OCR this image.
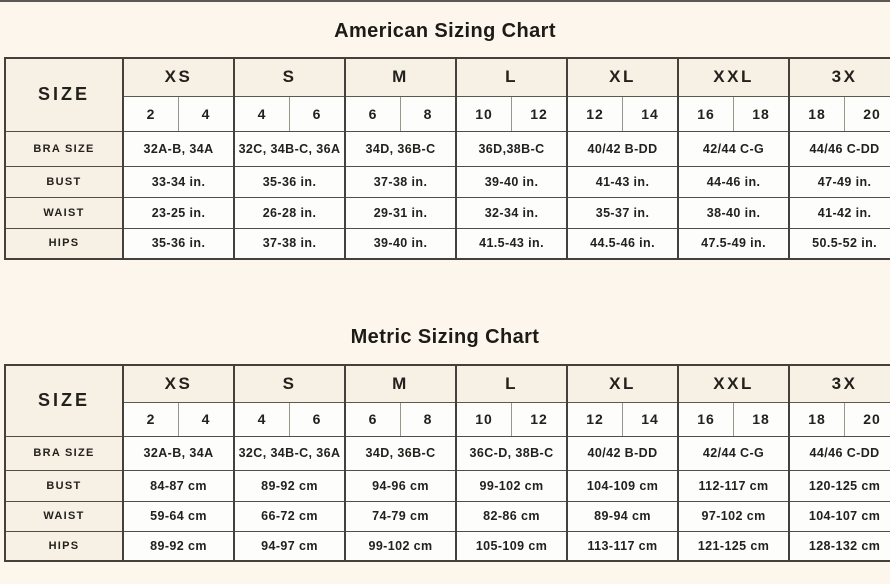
American Sizing Chart
SIZE	XS		S		M		L		XL		XXL		3X	
	2	4	4	6	6	8	10	12	12	14	16	18	18	20
BRA SIZE	32A-B, 34A		32C, 34B-C, 36A		34D, 36B-C		36D,38B-C		40/42 B-DD		42/44 C-G		44/46 C-DD	
BUST	33-34 in.		35-36 in.		37-38 in.		39-40 in.		41-43 in.		44-46 in.		47-49 in.	
WAIST	23-25 in.		26-28 in.		29-31 in.		32-34 in.		35-37 in.		38-40 in.		41-42 in.	
HIPS	35-36 in.		37-38 in.		39-40 in.		41.5-43 in.		44.5-46 in.		47.5-49 in.		50.5-52 in.	
Metric Sizing Chart
SIZE	XS		S		M		L		XL		XXL		3X	
	2	4	4	6	6	8	10	12	12	14	16	18	18	20
BRA SIZE	32A-B, 34A		32C, 34B-C, 36A		34D, 36B-C		36C-D, 38B-C		40/42 B-DD		42/44 C-G		44/46 C-DD	
BUST	84-87 cm		89-92 cm		94-96 cm		99-102 cm		104-109 cm		112-117 cm		120-125 cm	
WAIST	59-64 cm		66-72 cm		74-79 cm		82-86 cm		89-94 cm		97-102 cm		104-107 cm	
HIPS	89-92 cm		94-97 cm		99-102 cm		105-109 cm		113-117 cm		121-125 cm		128-132 cm	
